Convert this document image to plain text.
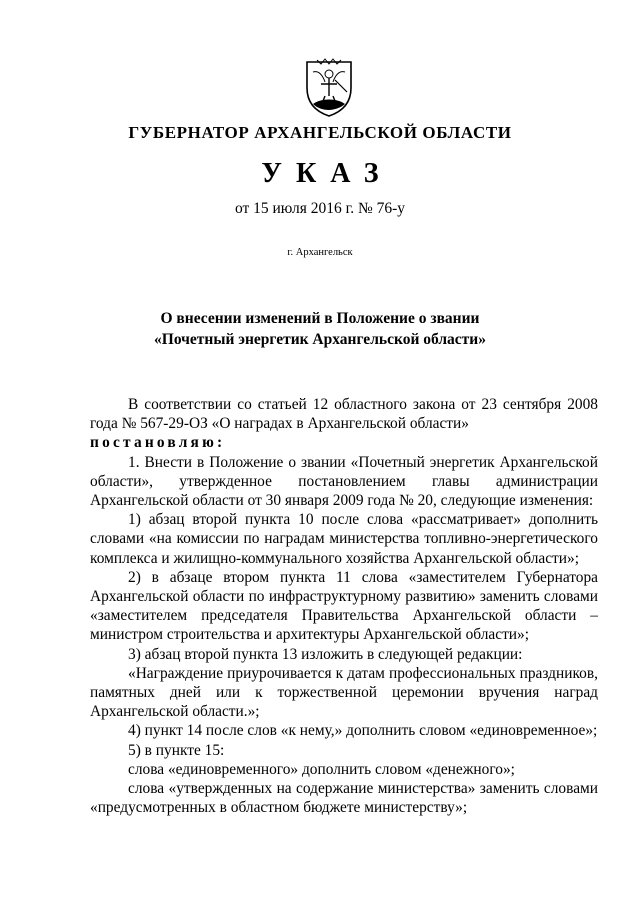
ГУБЕРНАТОР АРХАНГЕЛЬСКОЙ ОБЛАСТИ
УКАЗ
от 15 июля 2016 г. № 76-у
г. Архангельск
О внесении изменений в Положение о звании
«Почетный энергетик Архангельской области»

В соответствии со статьей 12 областного закона от 23 сентября 2008 года № 567-29-ОЗ «О наградах в Архангельской области»

постановляю:

1. Внести в Положение о звании «Почетный энергетик Архангельской области», утвержденное постановлением главы администрации Архангельской области от 30 января 2009 года № 20, следующие изменения:

1) абзац второй пункта 10 после слова «рассматривает» дополнить словами «на комиссии по наградам министерства топливно-энергетического комплекса и жилищно-коммунального хозяйства Архангельской области»;

2) в абзаце втором пункта 11 слова «заместителем Губернатора Архангельской области по инфраструктурному развитию» заменить словами «заместителем председателя Правительства Архангельской области – министром строительства и архитектуры Архангельской области»;

3) абзац второй пункта 13 изложить в следующей редакции:

«Награждение приурочивается к датам профессиональных праздников, памятных дней или к торжественной церемонии вручения наград Архангельской области.»;

4) пункт 14 после слов «к нему,» дополнить словом «единовременное»;

5) в пункте 15:

слова «единовременного» дополнить словом «денежного»;

слова «утвержденных на содержание министерства» заменить словами «предусмотренных в областном бюджете министерству»;
